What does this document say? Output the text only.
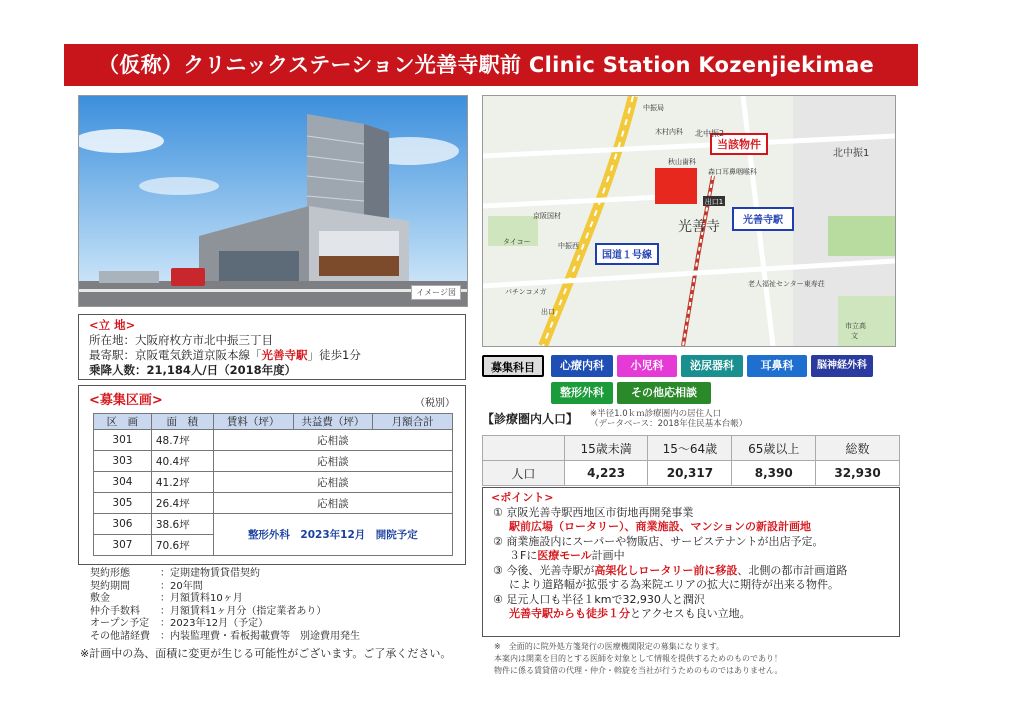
（仮称）クリニックステーション光善寺駅前 Clinic Station Kozenjiekimae
イメージ図
<立 地>
所在地：大阪府枚方市北中振三丁目
最寄駅：京阪電気鉄道京阪本線「光善寺駅」徒歩1分
乗降人数：21,184人/日（2018年度）
<募集区画>	（税別）
区　画	面　積	賃料（坪）	共益費（坪）	月額合計
301	48.7坪	応相談		
303	40.4坪	応相談		
304	41.2坪	応相談		
305	26.4坪	応相談		
306	38.6坪	整形外科　2023年12月　開院予定		
307	70.6坪			
契約形態	：定期建物賃貸借契約
契約期間	：20年間
敷金	：月額賃料10ヶ月
仲介手数料	：月額賃料1ヶ月分（指定業者あり）
オープン予定	：2023年12月（予定）
その他諸経費	：内装監理費・看板掲載費等　別途費用発生
※計画中の為、面積に変更が生じる可能性がございます。ご了承ください。
当該物件
光善寺駅
国道１号線
光善寺
北中振1
北中振2
出口1
中振局
木村内科
秋山歯科
森口耳鼻咽喉科
京阪国材
タイコー	中振西
パチンコメガ
出口
老人福祉センター東寿荘
市立高
文
募集科目	心療内科	小児科	泌尿器科	耳鼻科	脳神経外科
整形外科	その他応相談
【診療圏内人口】 ※半径1.0ｋｍ診療圏内の居住人口
（データベース：2018年住民基本台帳）
	15歳未満	15～64歳	65歳以上	総数
人口	4,223	20,317	8,390	32,930
<ポイント>
① 京阪光善寺駅西地区市街地再開発事業
駅前広場（ロータリー）、商業施設、マンションの新設計画地
② 商業施設内にスーパーや物販店、サービステナントが出店予定。
３Fに医療モール計画中
③ 今後、光善寺駅が高架化しロータリー前に移設、北側の都市計画道路
により道路幅が拡張する為来院エリアの拡大に期待が出来る物件。
④ 足元人口も半径１kmで32,930人と潤沢
光善寺駅からも徒歩１分とアクセスも良い立地。
※　全面的に院外処方箋発行の医療機関限定の募集になります。
本案内は開業を目的とする医師を対象として情報を提供するためのものであり！
物件に係る賃貸借の代理・仲介・斡旋を当社が行うためのものではありません。
